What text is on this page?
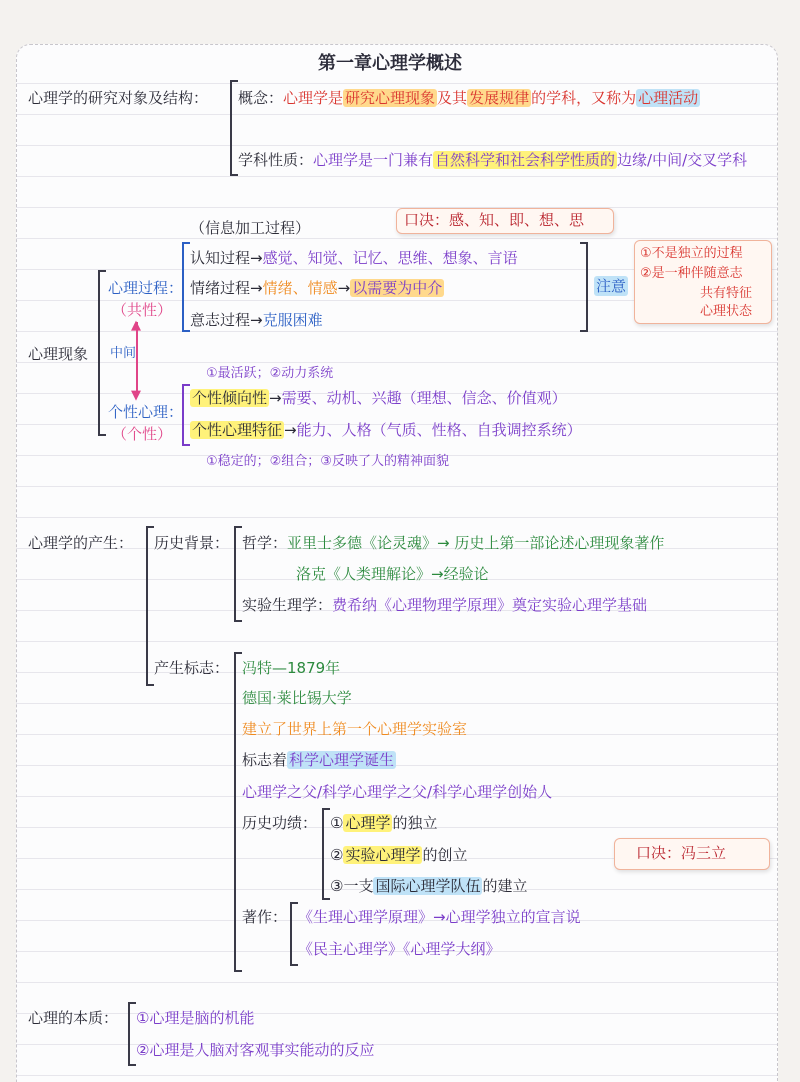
第一章心理学概述
心理学的研究对象及结构： 概念：心理学是 研究心理现象 及其 发展规律 的学科，又称为 心理活动
学科性质：心理学是一门兼有 自然科学和社会科学性质的 边缘/中间/交叉学科
心理现象
心理过程：
（共性）
中间
▲
▼
个性心理：
（个性）
（信息加工过程）	口决：感、知、即、想、思
认知过程→感觉、知觉、记忆、思维、想象、言语
情绪过程→情绪、情感→ 以需要为中介
意志过程→克服困难
注意
①不是独立的过程
②是一种伴随意志
共有特征
心理状态
①最活跃；②动力系统
个性倾向性 →需要、动机、兴趣（理想、信念、价值观）
个性心理特征 →能力、人格（气质、性格、自我调控系统）
①稳定的；②组合；③反映了人的精神面貌
心理学的产生： 历史背景： 哲学：亚里士多德《论灵魂》→ 历史上第一部论述心理现象著作
洛克《人类理解论》→经验论
实验生理学：费希纳《心理物理学原理》奠定实验心理学基础
产生标志： 冯特—1879年
德国·莱比锡大学
建立了世界上第一个心理学实验室
标志着 科学心理学诞生
心理学之父/科学心理学之父/科学心理学创始人
历史功绩： ① 心理学 的独立
② 实验心理学 的创立
③一支 国际心理学队伍 的建立
口决：冯三立
著作： 《生理心理学原理》→心理学独立的宣言说
《民主心理学》《心理学大纲》
心理的本质： ①心理是脑的机能
②心理是人脑对客观事实能动的反应
